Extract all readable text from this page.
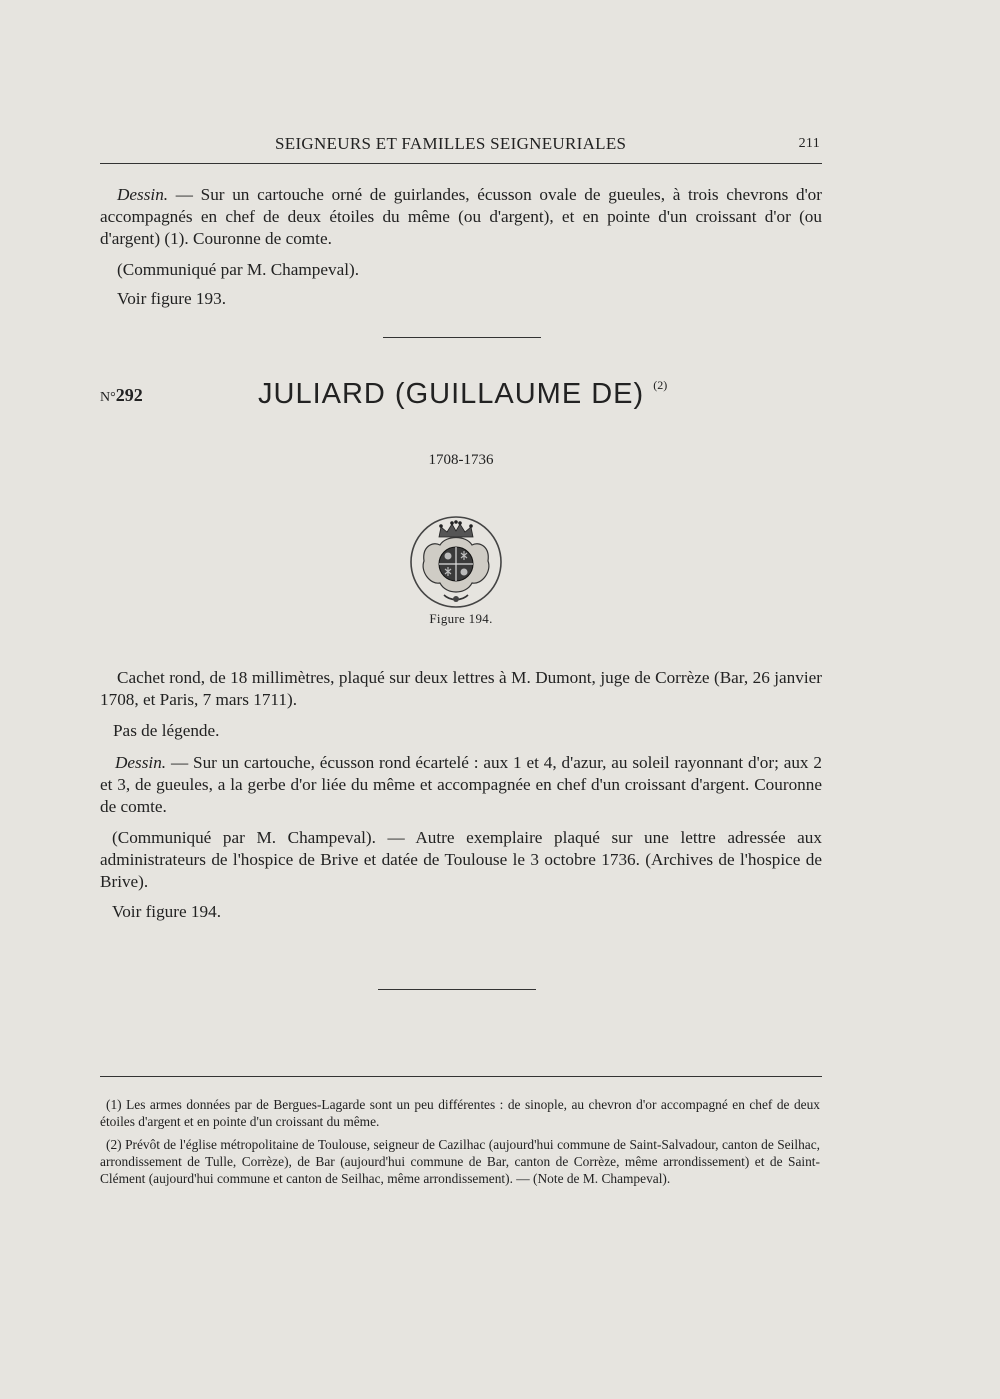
SEIGNEURS ET FAMILLES SEIGNEURIALES	211

Dessin. — Sur un cartouche orné de guirlandes, écusson ovale de gueules, à trois chevrons d'or accompagnés en chef de deux étoiles du même (ou d'argent), et en pointe d'un croissant d'or (ou d'argent) (1). Couronne de comte.

(Communiqué par M. Champeval).

Voir figure 193.

N°292	JULIARD (GUILLAUME DE) $^{(2)}$
1708-1736
Figure 194.

Cachet rond, de 18 millimètres, plaqué sur deux lettres à M. Dumont, juge de Corrèze (Bar, 26 janvier 1708, et Paris, 7 mars 1711).

Pas de légende.

Dessin. — Sur un cartouche, écusson rond écartelé : aux 1 et 4, d'azur, au soleil rayonnant d'or; aux 2 et 3, de gueules, a la gerbe d'or liée du même et accompagnée en chef d'un croissant d'argent. Couronne de comte.

(Communiqué par M. Champeval). — Autre exemplaire plaqué sur une lettre adressée aux administrateurs de l'hospice de Brive et datée de Toulouse le 3 octobre 1736. (Archives de l'hospice de Brive).

Voir figure 194.

(1) Les armes données par de Bergues-Lagarde sont un peu différentes : de sinople, au chevron d'or accompagné en chef de deux étoiles d'argent et en pointe d'un croissant du même.

(2) Prévôt de l'église métropolitaine de Toulouse, seigneur de Cazilhac (aujourd'hui commune de Saint-Salvadour, canton de Seilhac, arrondissement de Tulle, Corrèze), de Bar (aujourd'hui commune de Bar, canton de Corrèze, même arrondissement) et de Saint-Clément (aujourd'hui commune et canton de Seilhac, même arrondissement). — (Note de M. Champeval).
